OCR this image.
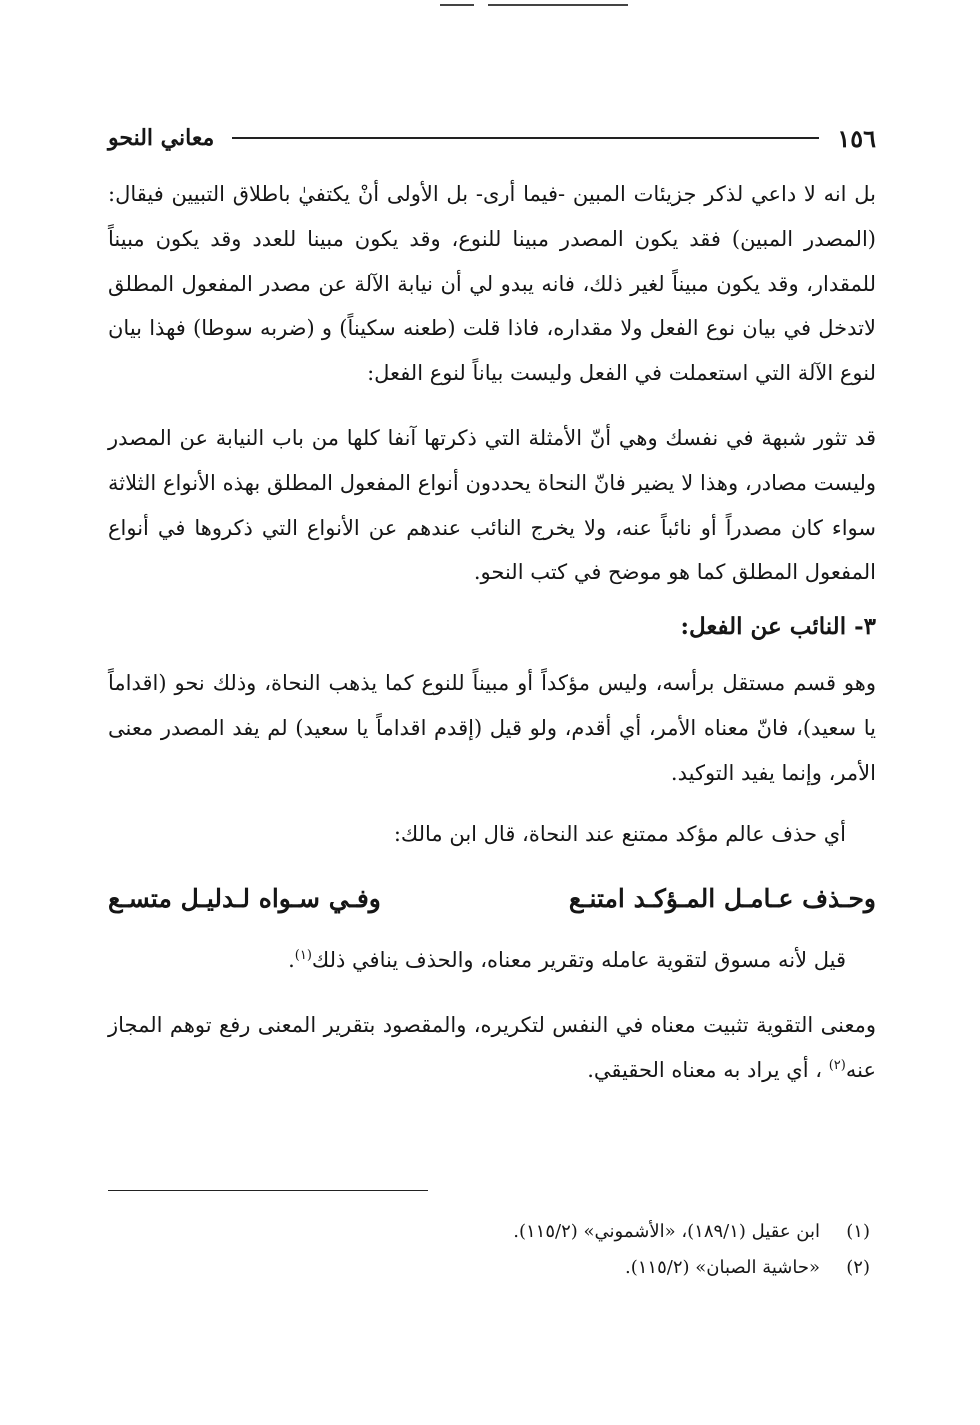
١٥٦
معاني النحو

بل انه لا داعي لذكر جزيئات المبين -فيما أرى- بل الأولى أنْ يكتفيٰ باطلاق التبيين فيقال: (المصدر المبين) فقد يكون المصدر مبينا للنوع، وقد يكون مبينا للعدد وقد يكون مبيناً للمقدار، وقد يكون مبيناً لغير ذلك، فانه يبدو لي أن نيابة الآلة عن مصدر المفعول المطلق لاتدخل في بيان نوع الفعل ولا مقداره، فاذا قلت (طعنه سكيناً) و (ضربه سوطا) فهذا بيان لنوع الآلة التي استعملت في الفعل وليست بياناً لنوع الفعل:

قد تثور شبهة في نفسك وهي أنّ الأمثلة التي ذكرتها آنفا كلها من باب النيابة عن المصدر وليست مصادر، وهذا لا يضير فانّ النحاة يحددون أنواع المفعول المطلق بهذه الأنواع الثلاثة سواء كان مصدراً أو نائباً عنه، ولا يخرج النائب عندهم عن الأنواع التي ذكروها في أنواع المفعول المطلق كما هو موضح في كتب النحو.

٣- النائب عن الفعل:

وهو قسم مستقل برأسه، وليس مؤكداً أو مبيناً للنوع كما يذهب النحاة، وذلك نحو (اقداماً يا سعيد)، فانّ معناه الأمر، أي أقدم، ولو قيل (إقدم اقداماً يا سعيد) لم يفد المصدر معنى الأمر، وإنما يفيد التوكيد.

أي حذف عالم مؤكد ممتنع عند النحاة، قال ابن مالك:

وحـذف عـامـل المـؤكـد امتنـع
وفـي سـواه لـدليـل متسـع

قيل لأنه مسوق لتقوية عامله وتقرير معناه، والحذف ينافي ذلك$^{(١)}$.

ومعنى التقوية تثبيت معناه في النفس لتكريره، والمقصود بتقرير المعنى رفع توهم المجاز عنه$^{(٢)}$ ، أي يراد به معناه الحقيقي.

(١)
ابن عقيل (١٨٩/١)، «الأشموني» (١١٥/٢).
(٢)
«حاشية الصبان» (١١٥/٢).
